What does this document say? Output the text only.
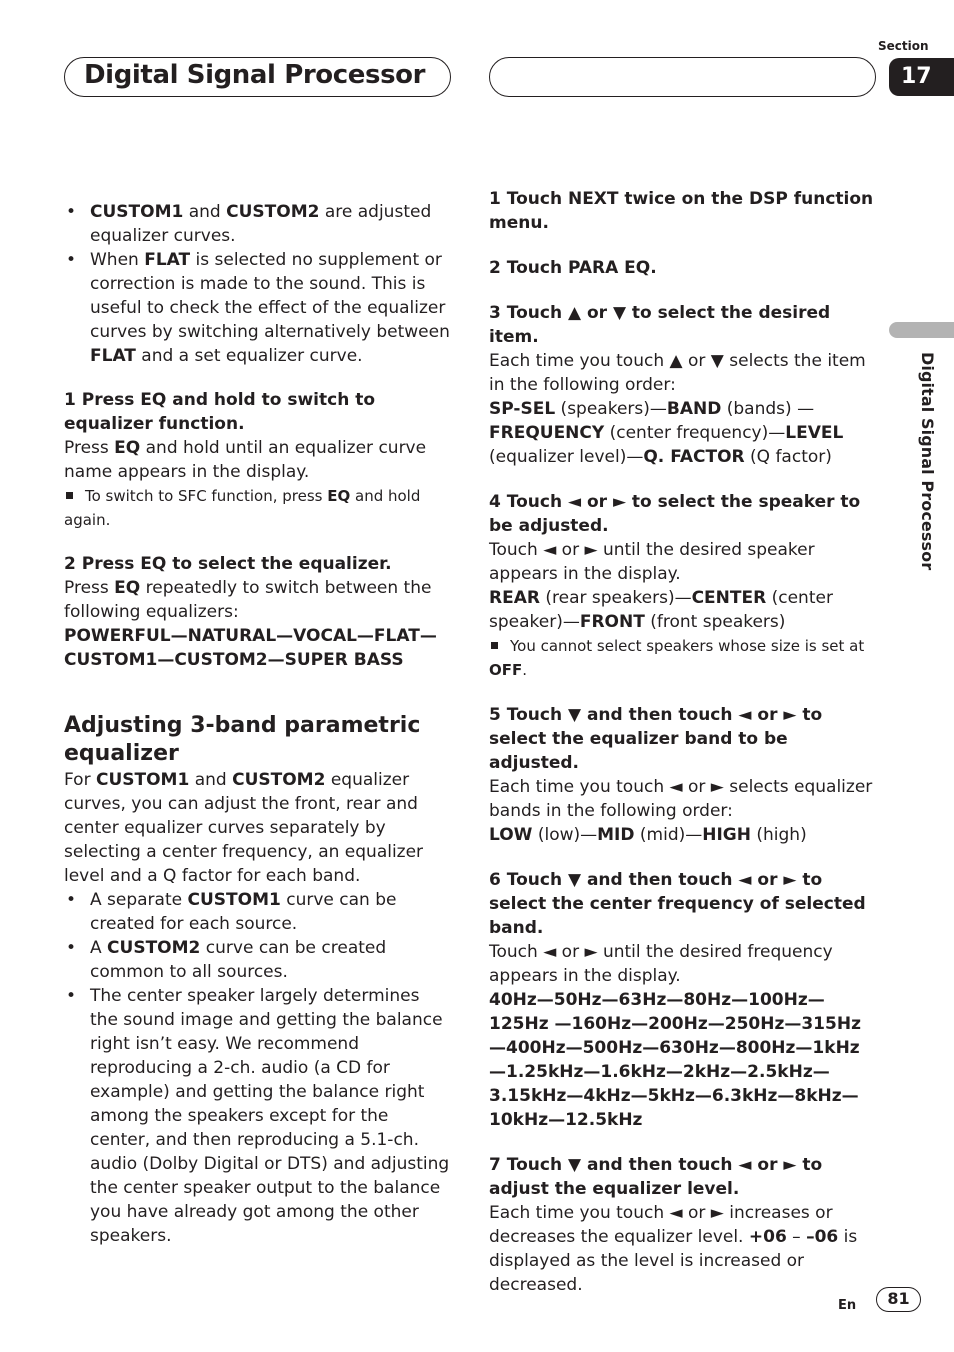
Digital Signal Processor
Section
17
Digital Signal Processor
• CUSTOM1 and CUSTOM2 are adjusted equalizer curves.
• When FLAT is selected no supplement or correction is made to the sound. This is useful to check the effect of the equalizer curves by switching alternatively between FLAT and a set equalizer curve.

1 Press EQ and hold to switch to equalizer function.

Press EQ and hold until an equalizer curve name appears in the display.

To switch to SFC function, press EQ and hold again.

2 Press EQ to select the equalizer.

Press EQ repeatedly to switch between the following equalizers:

POWERFUL—NATURAL—VOCAL—FLAT—CUSTOM1—CUSTOM2—SUPER BASS

Adjusting 3-band parametric equalizer

For CUSTOM1 and CUSTOM2 equalizer curves, you can adjust the front, rear and center equalizer curves separately by selecting a center frequency, an equalizer level and a Q factor for each band.

• A separate CUSTOM1 curve can be created for each source.
• A CUSTOM2 curve can be created common to all sources.
• The center speaker largely determines the sound image and getting the balance right isn’t easy. We recommend reproducing a 2-ch. audio (a CD for example) and getting the balance right among the speakers except for the center, and then reproducing a 5.1-ch. audio (Dolby Digital or DTS) and adjusting the center speaker output to the balance you have already got among the other speakers.

1 Touch NEXT twice on the DSP function menu.

2 Touch PARA EQ.

3 Touch ▲ or ▼ to select the desired item.

Each time you touch ▲ or ▼ selects the item in the following order:

SP-SEL (speakers)—BAND (bands) —FREQUENCY (center frequency)—LEVEL (equalizer level)—Q. FACTOR (Q factor)

4 Touch ◄ or ► to select the speaker to be adjusted.

Touch ◄ or ► until the desired speaker appears in the display.

REAR (rear speakers)—CENTER (center speaker)—FRONT (front speakers)

You cannot select speakers whose size is set at OFF.

5 Touch ▼ and then touch ◄ or ► to select the equalizer band to be adjusted.

Each time you touch ◄ or ► selects equalizer bands in the following order:

LOW (low)—MID (mid)—HIGH (high)

6 Touch ▼ and then touch ◄ or ► to select the center frequency of selected band.

Touch ◄ or ► until the desired frequency appears in the display.

40Hz—50Hz—63Hz—80Hz—100Hz—125Hz —160Hz—200Hz—250Hz—315Hz—400Hz—500Hz—630Hz—800Hz—1kHz—1.25kHz—1.6kHz—2kHz—2.5kHz—3.15kHz—4kHz—5kHz—6.3kHz—8kHz—10kHz—12.5kHz

7 Touch ▼ and then touch ◄ or ► to adjust the equalizer level.

Each time you touch ◄ or ► increases or decreases the equalizer level. +06 – –06 is displayed as the level is increased or decreased.

En	81
